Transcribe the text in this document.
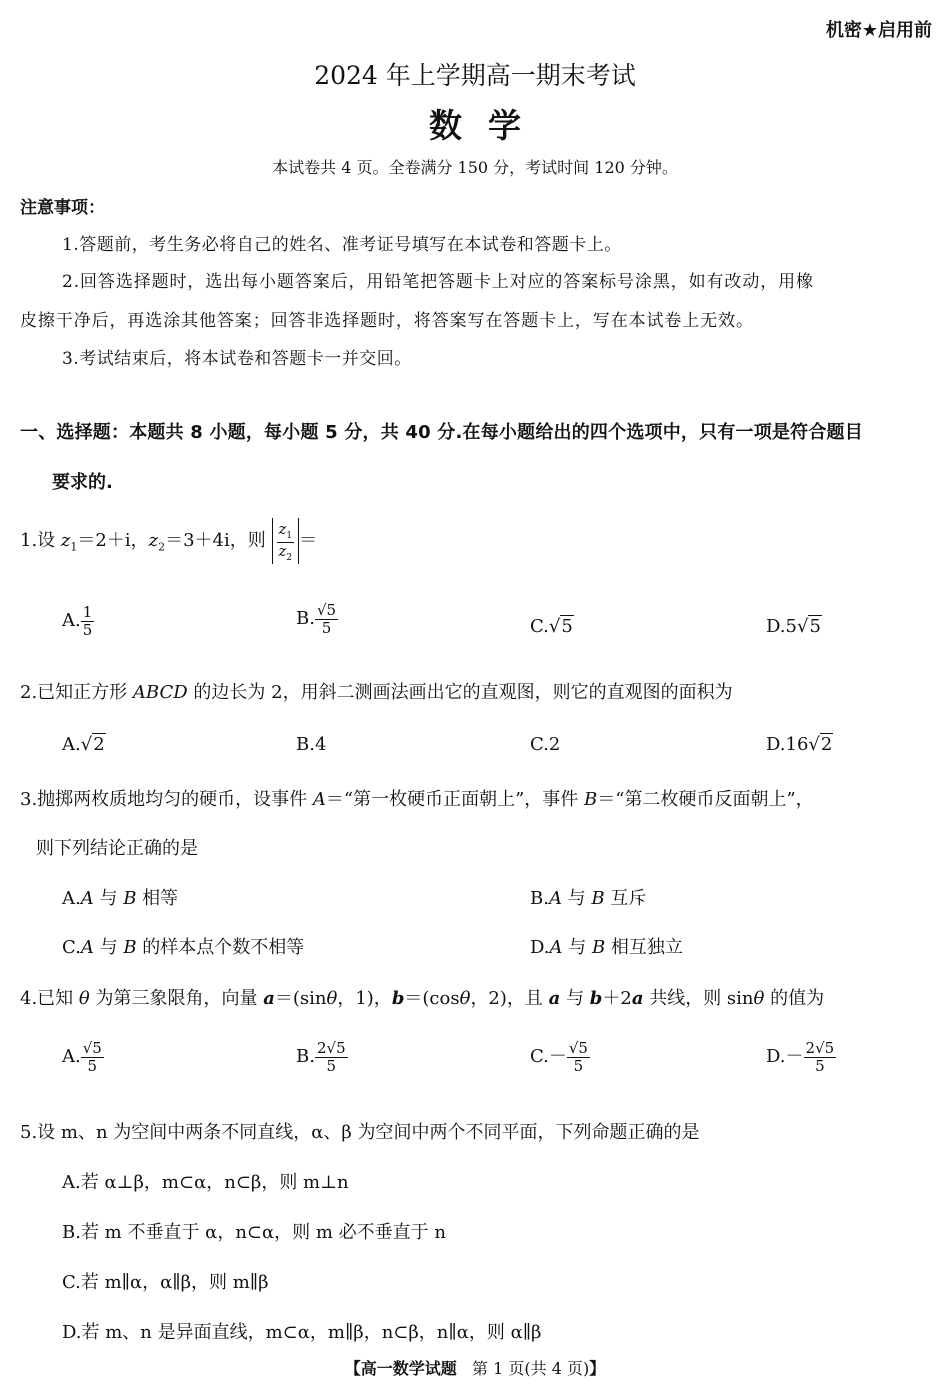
机密★启用前
2024 年上学期高一期末考试
数学
本试卷共 4 页。全卷满分 150 分，考试时间 120 分钟。
注意事项：
1.答题前，考生务必将自己的姓名、准考证号填写在本试卷和答题卡上。
2.回答选择题时，选出每小题答案后，用铅笔把答题卡上对应的答案标号涂黑，如有改动，用橡
皮擦干净后，再选涂其他答案；回答非选择题时，将答案写在答题卡上，写在本试卷上无效。
3.考试结束后，将本试卷和答题卡一并交回。
一、选择题：本题共 8 小题，每小题 5 分，共 40 分.在每小题给出的四个选项中，只有一项是符合题目
要求的.
1.设 $z_1=2+i$，$z_2=3+4i$，则 $\frac{z_1}{z_2}$ ＝
A. $\frac{1}{5}$	B. $\frac{√5}{5}$	C.√5	D.5√5
2.已知正方形 ABCD 的边长为 2，用斜二测画法画出它的直观图，则它的直观图的面积为
A.√2	B.4	C.2	D.16√2
3.抛掷两枚质地均匀的硬币，设事件 A＝“第一枚硬币正面朝上”，事件 B＝“第二枚硬币反面朝上”，
则下列结论正确的是
A.A 与 B 相等	B.A 与 B 互斥
C.A 与 B 的样本点个数不相等	D.A 与 B 相互独立
4.已知 θ 为第三象限角，向量 a＝(sinθ，1)，b＝(cosθ，2)，且 a 与 b＋2a 共线，则 sinθ 的值为
A. $\frac{√5}{5}$	B. $\frac{2√5}{5}$	$C.- \frac{√5}{5}$	$D.- \frac{2√5}{5}$
5.设 m、n 为空间中两条不同直线，α、β 为空间中两个不同平面，下列命题正确的是
A.若 α⊥β，m⊂α，n⊂β，则 m⊥n
B.若 m 不垂直于 α，n⊂α，则 m 必不垂直于 n
C.若 m∥α，α∥β，则 m∥β
D.若 m、n 是异面直线，m⊂α，m∥β，n⊂β，n∥α，则 α∥β
【高一数学试题 第 1 页(共 4 页)】
